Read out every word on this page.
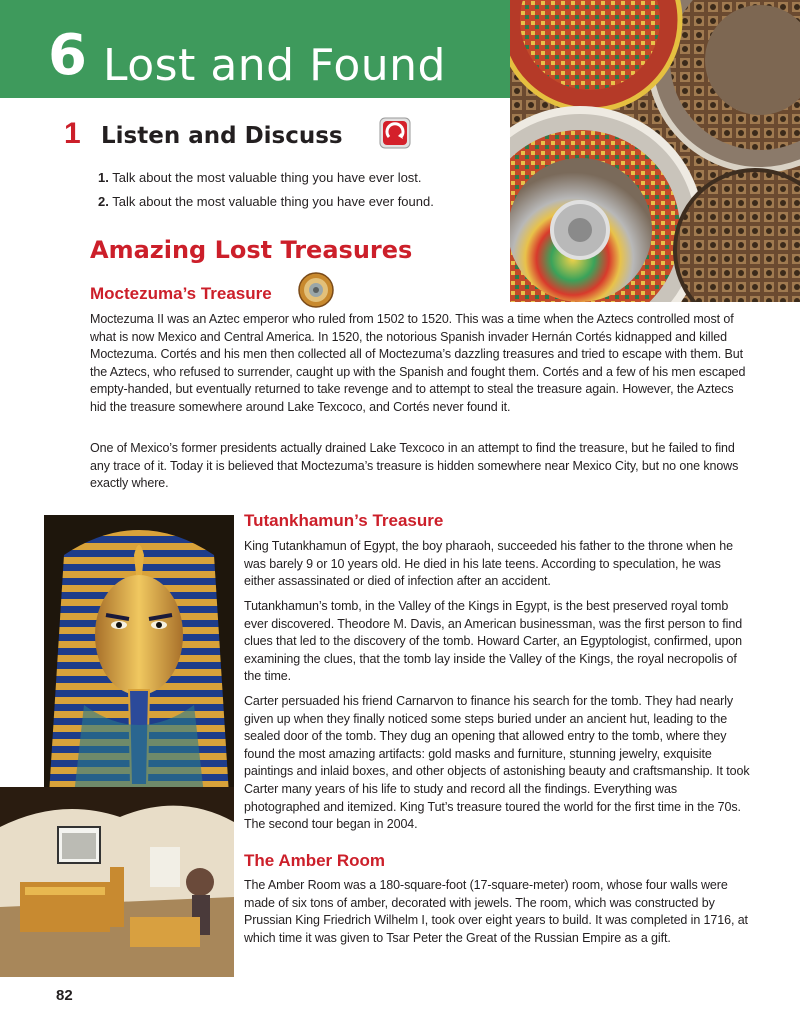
6 Lost and Found
1 Listen and Discuss
1. Talk about the most valuable thing you have ever lost.
2. Talk about the most valuable thing you have ever found.
Amazing Lost Treasures
Moctezuma’s Treasure

Moctezuma II was an Aztec emperor who ruled from 1502 to 1520. This was a time when the Aztecs controlled most of what is now Mexico and Central America. In 1520, the notorious Spanish invader Hernán Cortés kidnapped and killed Moctezuma. Cortés and his men then collected all of Moctezuma’s dazzling treasures and tried to escape with them. But the Aztecs, who refused to surrender, caught up with the Spanish and fought them. Cortés and a few of his men escaped empty-handed, but eventually returned to take revenge and to attempt to steal the treasure again. However, the Aztecs hid the treasure somewhere around Lake Texcoco, and Cortés never found it.

One of Mexico’s former presidents actually drained Lake Texcoco in an attempt to find the treasure, but he failed to find any trace of it. Today it is believed that Moctezuma’s treasure is hidden somewhere near Mexico City, but no one knows exactly where.

Tutankhamun’s Treasure

King Tutankhamun of Egypt, the boy pharaoh, succeeded his father to the throne when he was barely 9 or 10 years old. He died in his late teens. According to speculation, he was either assassinated or died of infection after an accident.

Tutankhamun’s tomb, in the Valley of the Kings in Egypt, is the best preserved royal tomb ever discovered. Theodore M. Davis, an American businessman, was the first person to find clues that led to the discovery of the tomb. Howard Carter, an Egyptologist, confirmed, upon examining the clues, that the tomb lay inside the Valley of the Kings, the royal necropolis of the time.

Carter persuaded his friend Carnarvon to finance his search for the tomb. They had nearly given up when they finally noticed some steps buried under an ancient hut, leading to the sealed door of the tomb. They dug an opening that allowed entry to the tomb, where they found the most amazing artifacts: gold masks and furniture, stunning jewelry, exquisite paintings and inlaid boxes, and other objects of astonishing beauty and craftsmanship. It took Carter many years of his life to study and record all the findings. Everything was photographed and itemized. King Tut’s treasure toured the world for the first time in the 70s. The second tour began in 2004.

The Amber Room

The Amber Room was a 180-square-foot (17-square-meter) room, whose four walls were made of six tons of amber, decorated with jewels. The room, which was constructed by Prussian King Friedrich Wilhelm I, took over eight years to build. It was completed in 1716, at which time it was given to Tsar Peter the Great of the Russian Empire as a gift.

82
